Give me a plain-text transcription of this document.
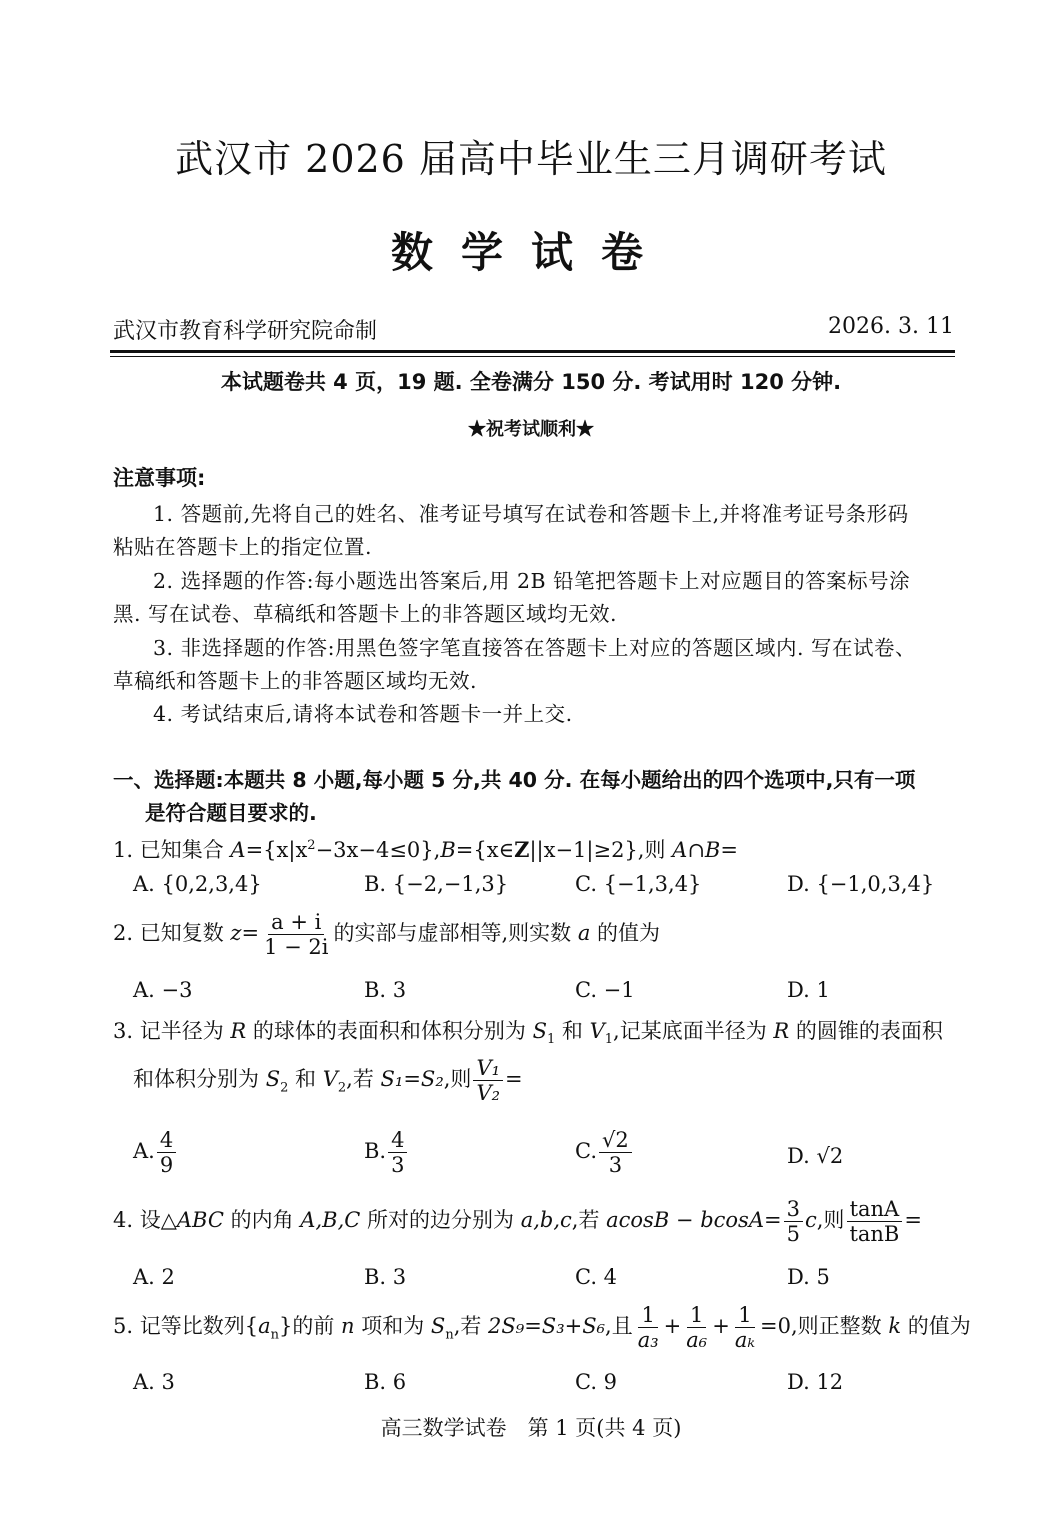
武汉市 2026 届高中毕业生三月调研考试
数学试卷
武汉市教育科学研究院命制	2026. 3. 11
本试题卷共 4 页，19 题. 全卷满分 150 分. 考试用时 120 分钟.
★祝考试顺利★
注意事项:
1. 答题前,先将自己的姓名、准考证号填写在试卷和答题卡上,并将准考证号条形码
粘贴在答题卡上的指定位置.
2. 选择题的作答:每小题选出答案后,用 2B 铅笔把答题卡上对应题目的答案标号涂
黑. 写在试卷、草稿纸和答题卡上的非答题区域均无效.
3. 非选择题的作答:用黑色签字笔直接答在答题卡上对应的答题区域内. 写在试卷、
草稿纸和答题卡上的非答题区域均无效.
4. 考试结束后,请将本试卷和答题卡一并上交.
一、选择题:本题共 8 小题,每小题 5 分,共 40 分. 在每小题给出的四个选项中,只有一项
是符合题目要求的.
1. 已知集合 $A=\{x|x^2-3x-4\le 0\},B=\{x\in Z||x-1|\ge 2\}$,则 A∩B=
A. {0,2,3,4}	B. {−2,−1,3}	C. {−1,3,4}	D. {−1,0,3,4}
2. 已知复数 $z= \frac{a + i}{1 - 2i}$ 的实部与虚部相等,则实数 a 的值为
A. −3	B. 3	C. −1	D. 1
3. 记半径为 R 的球体的表面积和体积分别为 $S_1$ 和 $V_1$,记某底面半径为 R 的圆锥的表面积
和体积分别为 $S_2$ 和 $V_2$,若 S₁=S₂,则 $\frac{\text{V₁}}{\text{V₂}}$ =
A. $\frac{4}{9}$	B. $\frac{4}{3}$	C. $\frac{√2}{3}$	D. √2
4. 设△ABC 的内角 A,B,C 所对的边分别为 a,b,c,若 $acosB - bcosA= \frac{3}{5} c$,则 $\frac{\tan A}{\tan B}$ =
A. 2	B. 3	C. 4	D. 5
5. 记等比数列$\{a_n\}$的前 n 项和为 $S_n$,若 2S₉=S₃+S₆,且 $\frac{1}{\text{a₃}} + \frac{1}{\text{a₆}} + \frac{1}{\text{aₖ}} =0$,则正整数 k 的值为
A. 3	B. 6	C. 9	D. 12
高三数学试卷　第 1 页(共 4 页)
